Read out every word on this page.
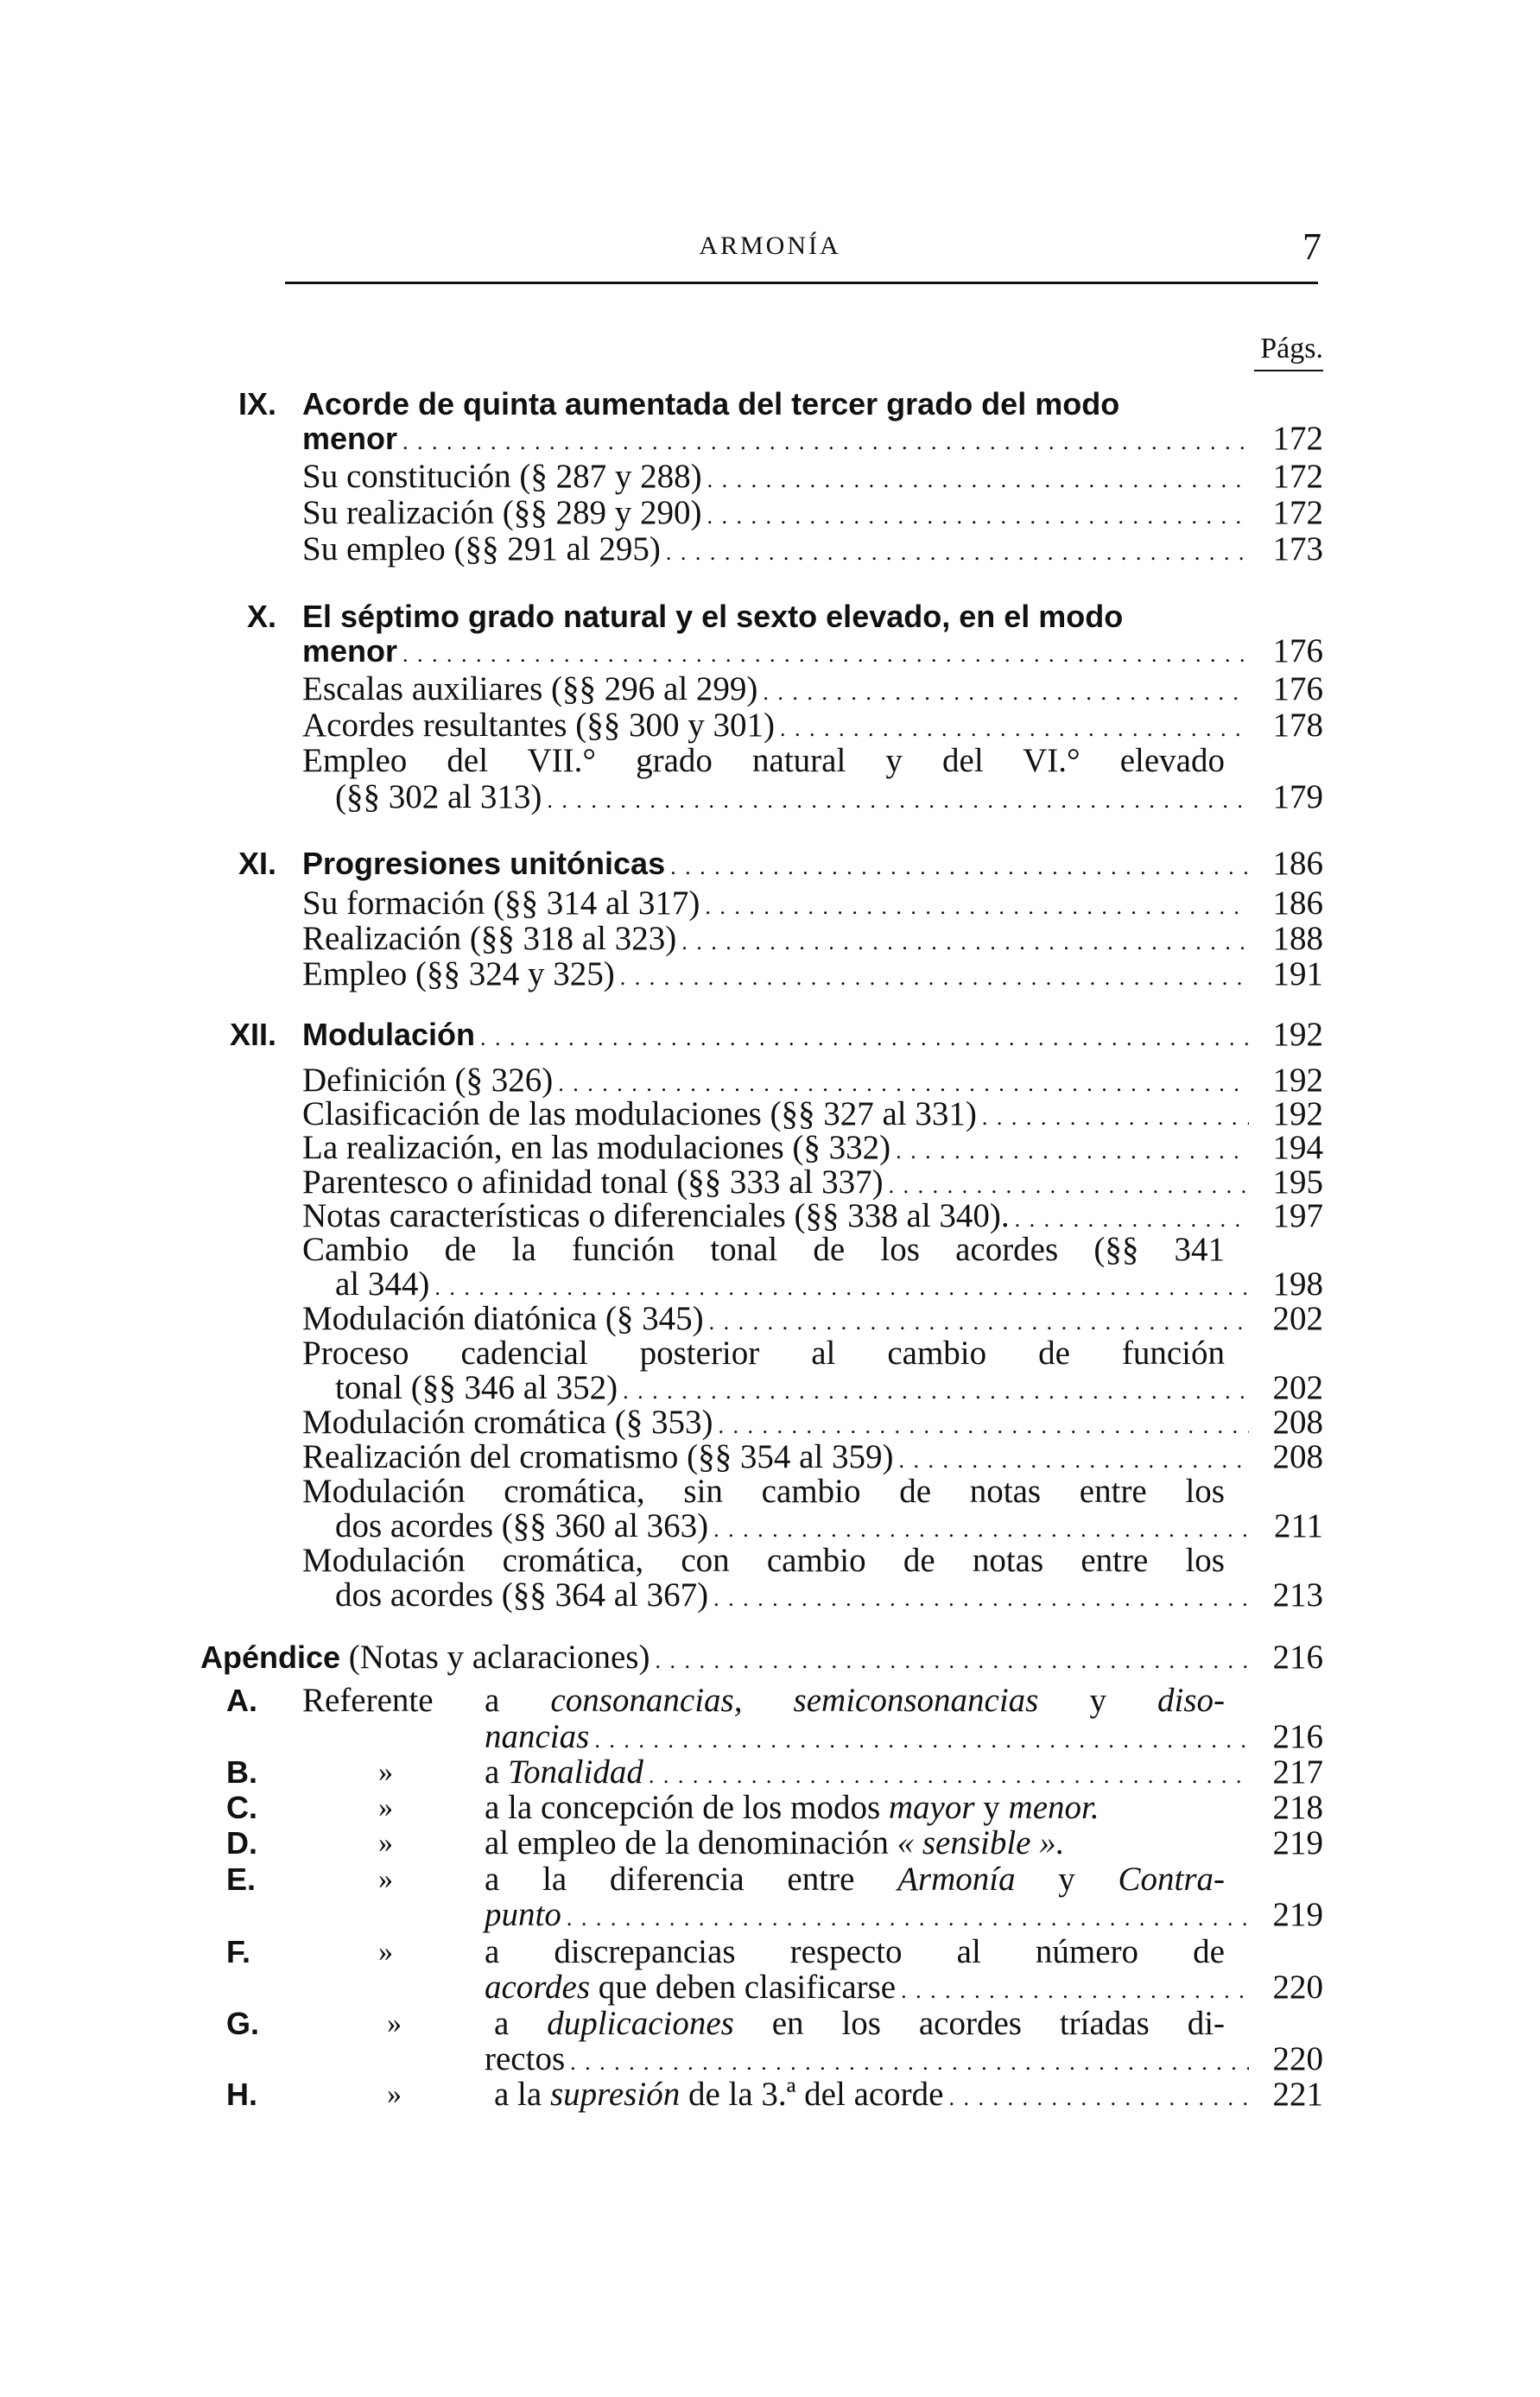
ARMONÍA	7
Págs.
IX. Acorde de quinta aumentada del tercer grado del modo
menor . . .	172
Su constitución (§ 287 y 288) . . .	172
Su realización (§§ 289 y 290) . . .	172
Su empleo (§§ 291 al 295) . . .	173
X. El séptimo grado natural y el sexto elevado, en el modo
menor . . .	176
Escalas auxiliares (§§ 296 al 299) . . .	176
Acordes resultantes (§§ 300 y 301) . . .	178
Empleo del VII.° grado natural y del VI.° elevado
(§§ 302 al 313) . . .	179
XI. Progresiones unitónicas . . .	186
Su formación (§§ 314 al 317) . . .	186
Realización (§§ 318 al 323) . . .	188
Empleo (§§ 324 y 325) . . .	191
XII. Modulación . . .	192
Definición (§ 326) . . .	192
Clasificación de las modulaciones (§§ 327 al 331) . . .	192
La realización, en las modulaciones (§ 332) . . .	194
Parentesco o afinidad tonal (§§ 333 al 337) . . .	195
Notas características o diferenciales (§§ 338 al 340). . . .	197
Cambio de la función tonal de los acordes (§§ 341
al 344) . . .	198
Modulación diatónica (§ 345) . . .	202
Proceso cadencial posterior al cambio de función
tonal (§§ 346 al 352) . . .	202
Modulación cromática (§ 353) . . .	208
Realización del cromatismo (§§ 354 al 359) . . .	208
Modulación cromática, sin cambio de notas entre los
dos acordes (§§ 360 al 363) . . .	211
Modulación cromática, con cambio de notas entre los
dos acordes (§§ 364 al 367) . . .	213
Apéndice (Notas y aclaraciones) . . .	216
A.	Referente a consonancias, semiconsonancias y diso-
nancias . . .	216
B.	»	a Tonalidad . . .	217
C.	»	a la concepción de los modos mayor y menor.	218
D.	»	al empleo de la denominación « sensible ».	219
E.	»	a la diferencia entre Armonía y Contra-
punto . . .	219
F.	»	a discrepancias respecto al número de
acordes que deben clasificarse . . .	220
G.	»	a duplicaciones en los acordes tríadas di-
rectos . . .	220
H.	»	a la supresión de la 3.ª del acorde . . .	221
